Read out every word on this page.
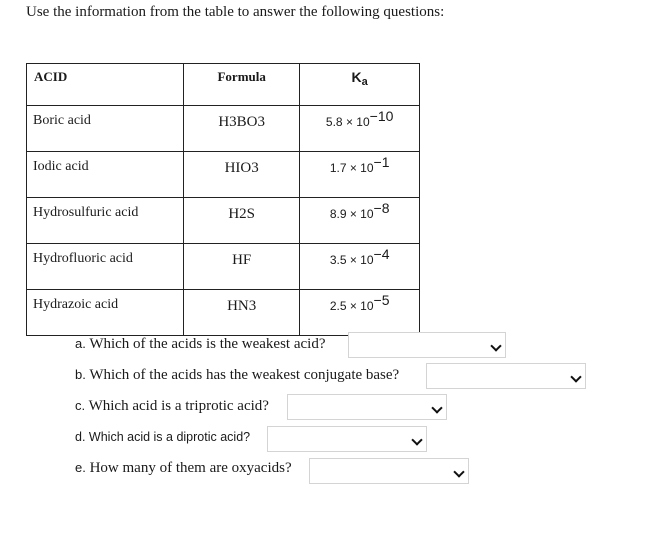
Use the information from the table to answer the following questions:
ACID	Formula	$K_a$
Boric acid	H3BO3	5.8 × 10−10
Iodic acid	HIO3	1.7 × 10−1
Hydrosulfuric acid	H2S	8.9 × 10−8
Hydrofluoric acid	HF	3.5 × 10−4
Hydrazoic acid	HN3	2.5 × 10−5
a. Which of the acids is the weakest acid?
b. Which of the acids has the weakest conjugate base?
c. Which acid is a triprotic acid?
d. Which acid is a diprotic acid?
e. How many of them are oxyacids?
